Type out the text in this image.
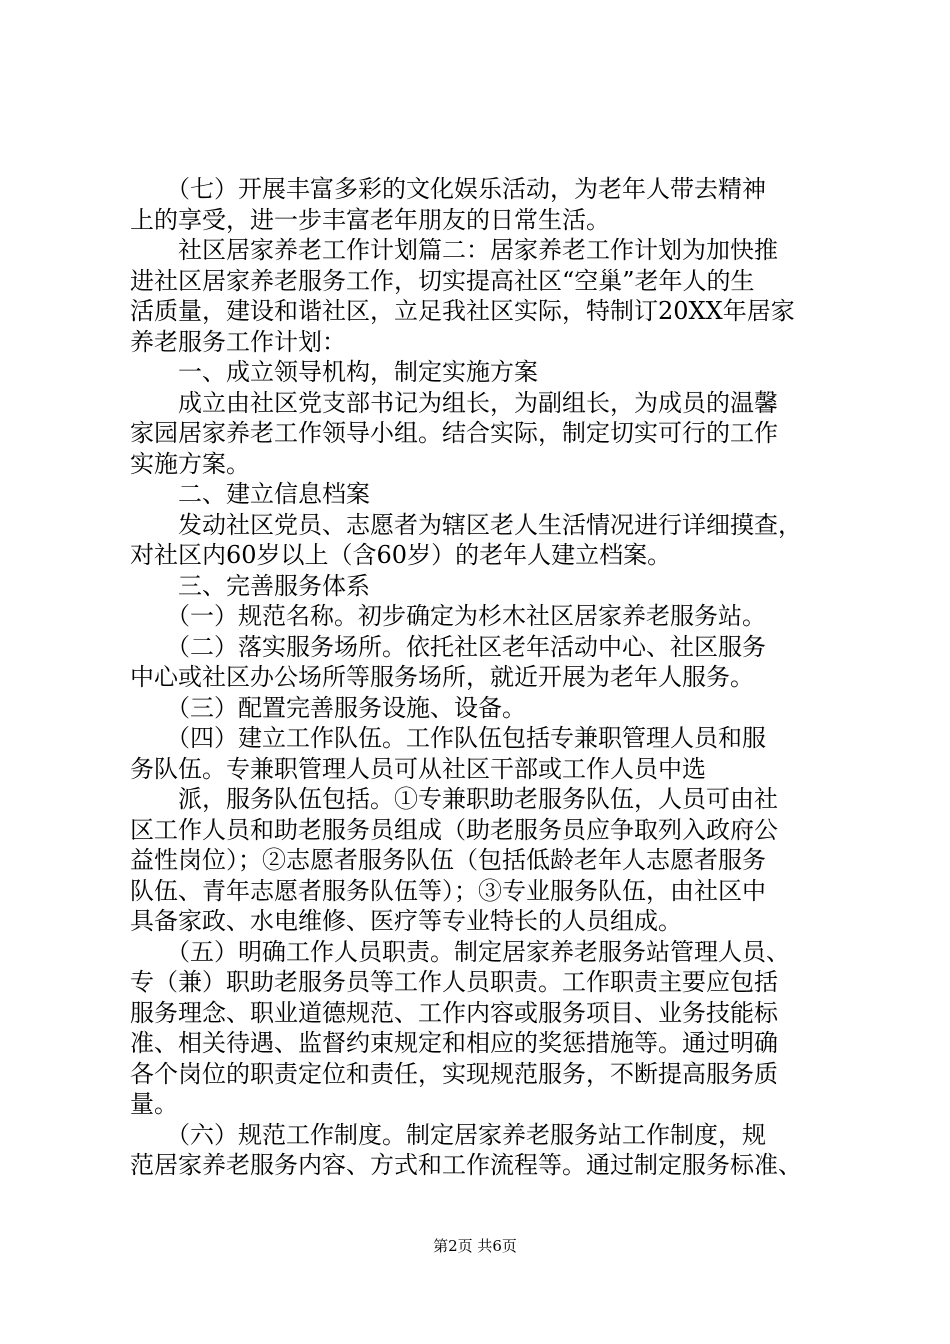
　　（七）开展丰富多彩的文化娱乐活动，为老年人带去精神
上的享受，进一步丰富老年朋友的日常生活。
　　社区居家养老工作计划篇二：居家养老工作计划为加快推
进社区居家养老服务工作，切实提高社区“空巢”老年人的生
活质量，建设和谐社区，立足我社区实际，特制订20XX年居家
养老服务工作计划：
　　一、成立领导机构，制定实施方案
　　成立由社区党支部书记为组长，为副组长，为成员的温馨
家园居家养老工作领导小组。结合实际，制定切实可行的工作
实施方案。
　　二、建立信息档案
　　发动社区党员、志愿者为辖区老人生活情况进行详细摸查，
对社区内60岁以上（含60岁）的老年人建立档案。
　　三、完善服务体系
　　（一）规范名称。初步确定为杉木社区居家养老服务站。
　　（二）落实服务场所。依托社区老年活动中心、社区服务
中心或社区办公场所等服务场所，就近开展为老年人服务。
　　（三）配置完善服务设施、设备。
　　（四）建立工作队伍。工作队伍包括专兼职管理人员和服
务队伍。专兼职管理人员可从社区干部或工作人员中选
　　派，服务队伍包括。①专兼职助老服务队伍，人员可由社
区工作人员和助老服务员组成（助老服务员应争取列入政府公
益性岗位）；②志愿者服务队伍（包括低龄老年人志愿者服务
队伍、青年志愿者服务队伍等）；③专业服务队伍，由社区中
具备家政、水电维修、医疗等专业特长的人员组成。
　　（五）明确工作人员职责。制定居家养老服务站管理人员、
专（兼）职助老服务员等工作人员职责。工作职责主要应包括
服务理念、职业道德规范、工作内容或服务项目、业务技能标
准、相关待遇、监督约束规定和相应的奖惩措施等。通过明确
各个岗位的职责定位和责任，实现规范服务，不断提高服务质
量。
　　（六）规范工作制度。制定居家养老服务站工作制度，规
范居家养老服务内容、方式和工作流程等。通过制定服务标准、
第2页 共6页
